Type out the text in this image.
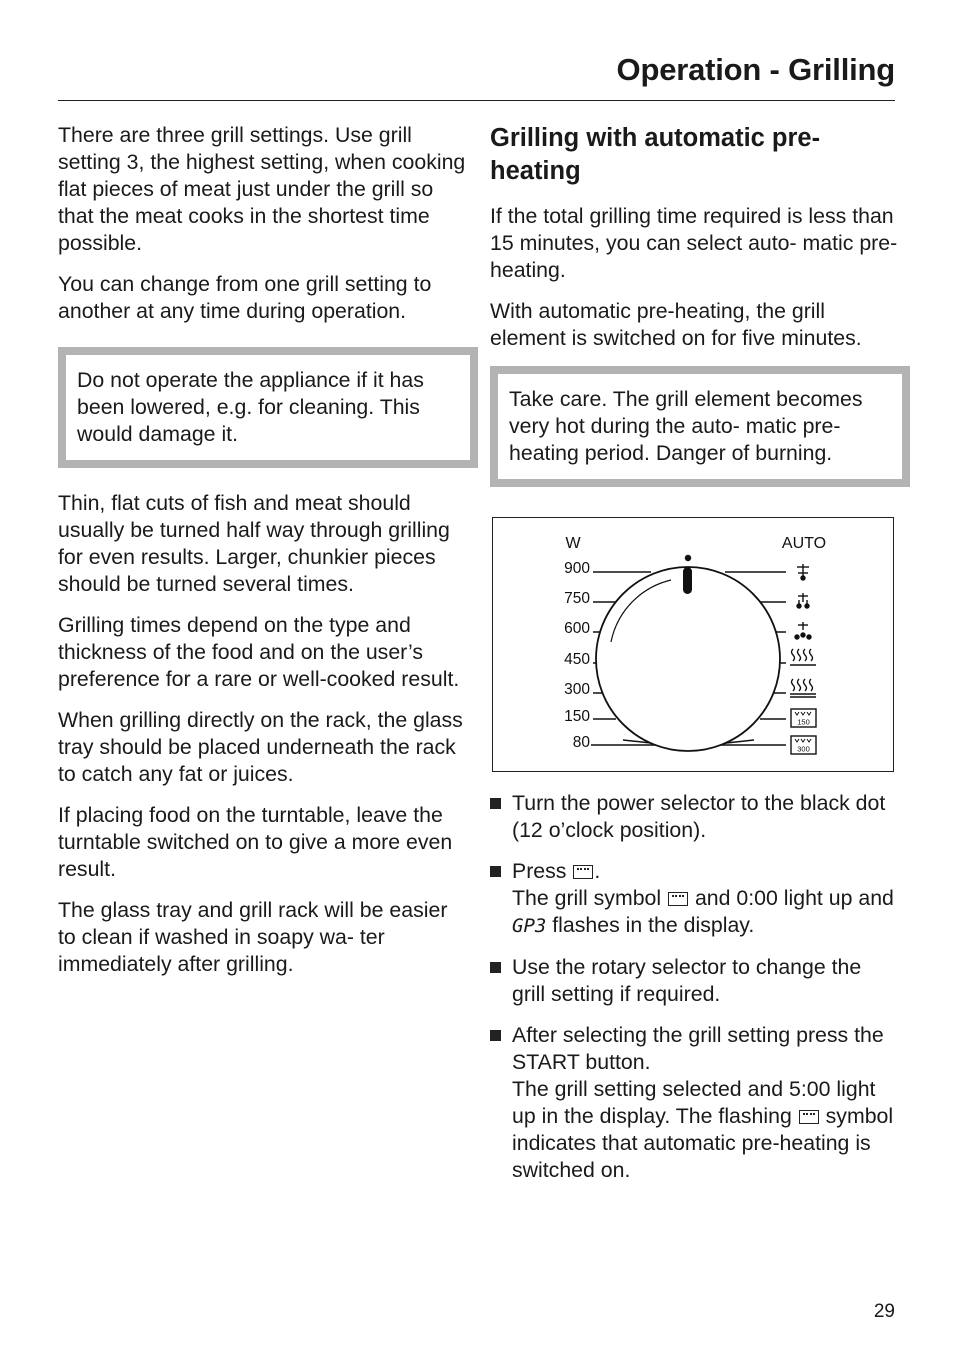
Operation - Grilling

There are three grill settings. Use grill setting 3, the highest setting, when cooking flat pieces of meat just under the grill so that the meat cooks in the shortest time possible.

You can change from one grill setting to another at any time during operation.

Do not operate the appliance if it has been lowered, e.g. for cleaning. This would damage it.

Thin, flat cuts of fish and meat should usually be turned half way through grilling for even results. Larger, chunkier pieces should be turned several times.

Grilling times depend on the type and thickness of the food and on the user’s preference for a rare or well-cooked result.

When grilling directly on the rack, the glass tray should be placed underneath the rack to catch any fat or juices.

If placing food on the turntable, leave the turntable switched on to give a more even result.

The glass tray and grill rack will be easier to clean if washed in soapy wa- ter immediately after grilling.

Grilling with automatic pre-heating

If the total grilling time required is less than 15 minutes, you can select auto- matic pre-heating.

With automatic pre-heating, the grill element is switched on for five minutes.

Take care. The grill element becomes very hot during the auto- matic pre-heating period. Danger of burning.
W	AUTO
900
750
600
450
300
150
80
150
300
Turn the power selector to the black dot (12 o’clock position).
Press .
The grill symbol  and 0:00 light up and GP3 flashes in the display.
Use the rotary selector to change the grill setting if required.
After selecting the grill setting press the START button.
The grill setting selected and 5:00 light up in the display. The flashing  symbol indicates that automatic pre-heating is switched on.
29
